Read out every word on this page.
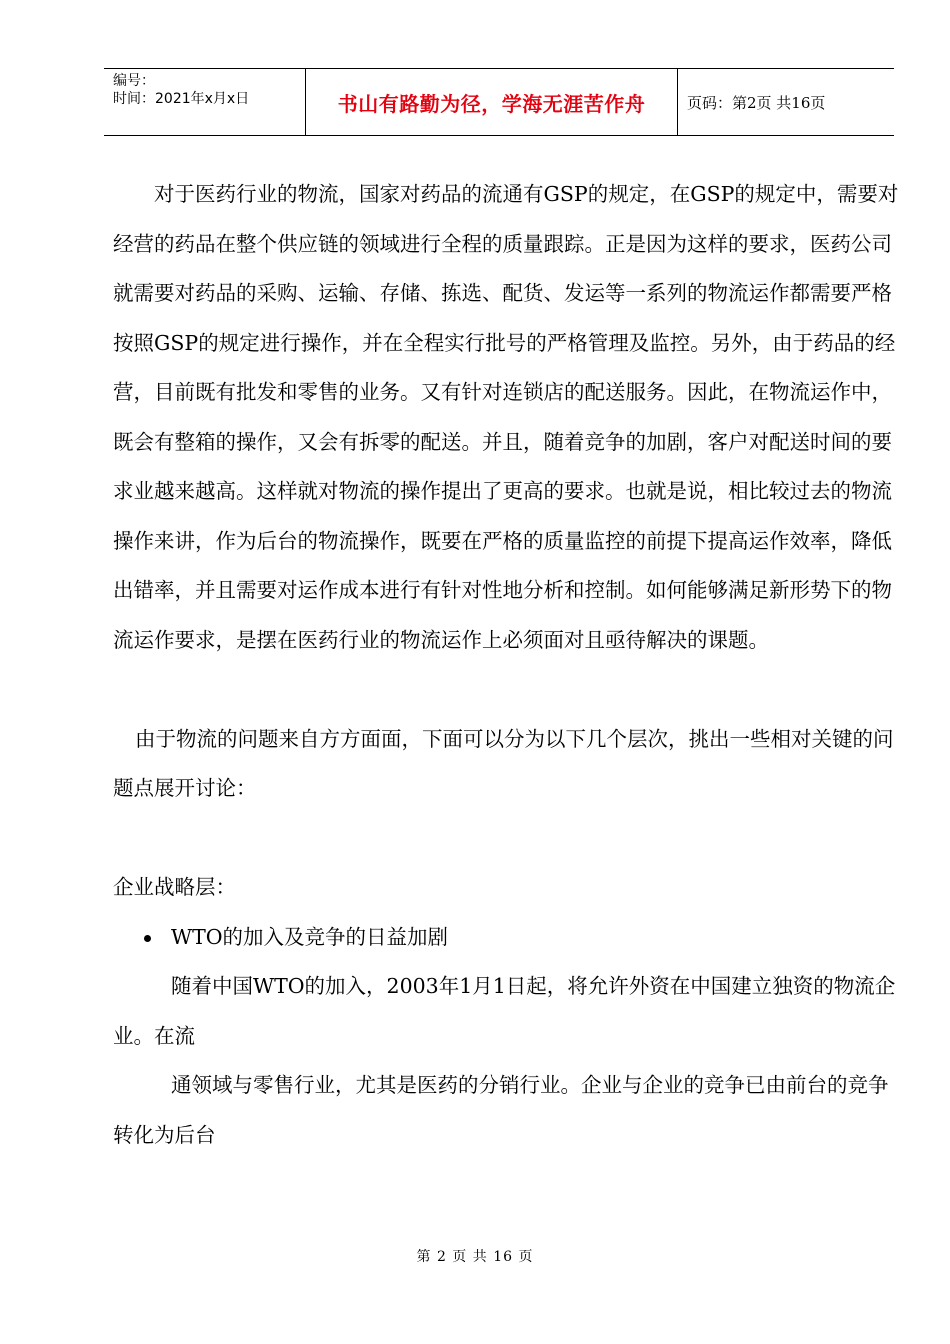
编号：
时间：2021年x月x日	书山有路勤为径，学海无涯苦作舟	页码：第2页 共16页

对于医药行业的物流，国家对药品的流通有GSP的规定，在GSP的规定中，需要对经营的药品在整个供应链的领域进行全程的质量跟踪。正是因为这样的要求，医药公司就需要对药品的采购、运输、存储、拣选、配货、发运等一系列的物流运作都需要严格按照GSP的规定进行操作，并在全程实行批号的严格管理及监控。另外，由于药品的经营，目前既有批发和零售的业务。又有针对连锁店的配送服务。因此，在物流运作中，既会有整箱的操作，又会有拆零的配送。并且，随着竞争的加剧，客户对配送时间的要求业越来越高。这样就对物流的操作提出了更高的要求。也就是说，相比较过去的物流操作来讲，作为后台的物流操作，既要在严格的质量监控的前提下提高运作效率，降低出错率，并且需要对运作成本进行有针对性地分析和控制。如何能够满足新形势下的物流运作要求，是摆在医药行业的物流运作上必须面对且亟待解决的课题。

由于物流的问题来自方方面面，下面可以分为以下几个层次，挑出一些相对关键的问题点展开讨论：

企业战略层：

WTO的加入及竞争的日益加剧

随着中国WTO的加入，2003年1月1日起，将允许外资在中国建立独资的物流企业。在流

通领域与零售行业，尤其是医药的分销行业。企业与企业的竞争已由前台的竞争转化为后台

第 2 页 共 16 页
